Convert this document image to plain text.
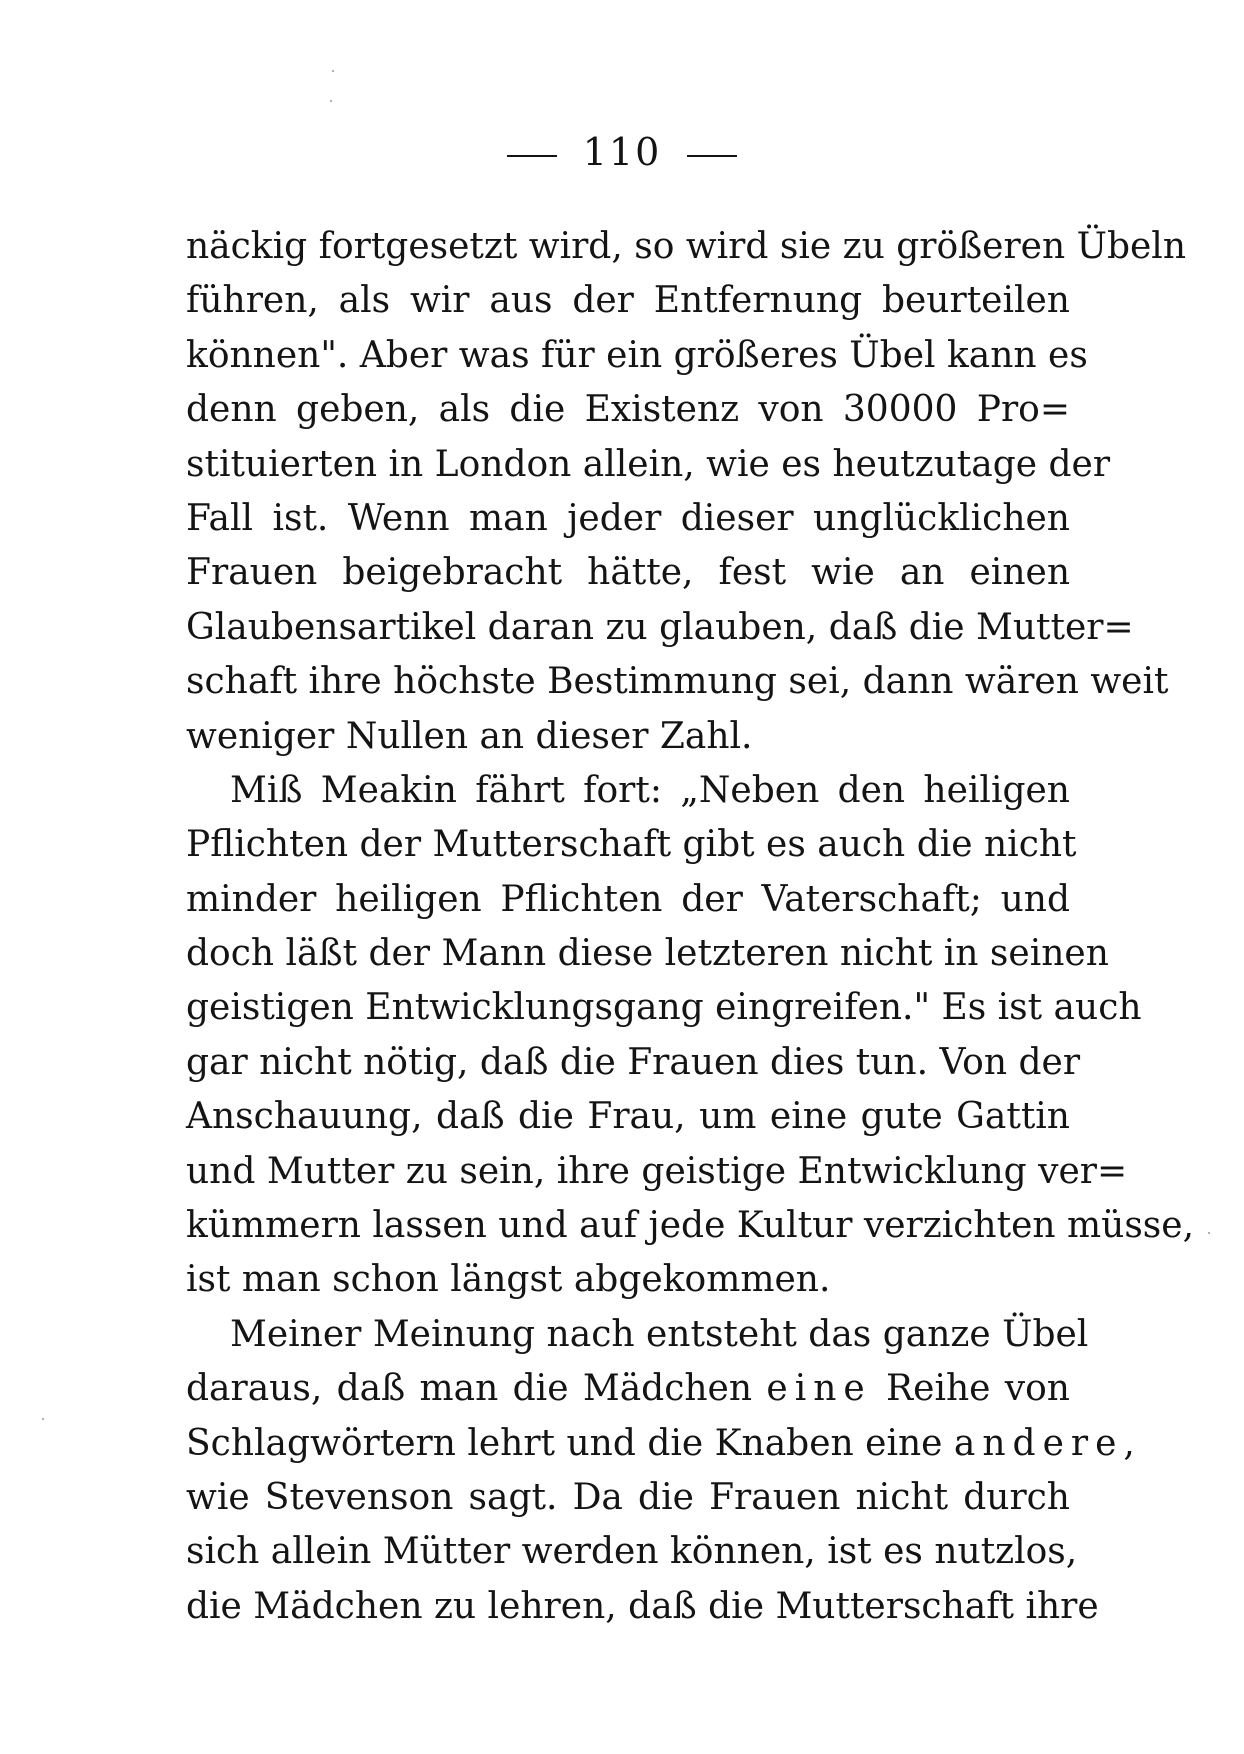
110
näckig fortgesetzt wird, so wird sie zu größeren Übeln
führen, als wir aus der Entfernung beurteilen
können". Aber was für ein größeres Übel kann es
denn geben, als die Existenz von 30000 Pro=
stituierten in London allein, wie es heutzutage der
Fall ist. Wenn man jeder dieser unglücklichen
Frauen beigebracht hätte, fest wie an einen
Glaubensartikel daran zu glauben, daß die Mutter=
schaft ihre höchste Bestimmung sei, dann wären weit
weniger Nullen an dieser Zahl.
Miß Meakin fährt fort: „Neben den heiligen
Pflichten der Mutterschaft gibt es auch die nicht
minder heiligen Pflichten der Vaterschaft; und
doch läßt der Mann diese letzteren nicht in seinen
geistigen Entwicklungsgang eingreifen." Es ist auch
gar nicht nötig, daß die Frauen dies tun. Von der
Anschauung, daß die Frau, um eine gute Gattin
und Mutter zu sein, ihre geistige Entwicklung ver=
kümmern lassen und auf jede Kultur verzichten müsse,
ist man schon längst abgekommen.
Meiner Meinung nach entsteht das ganze Übel
daraus, daß man die Mädchen eine Reihe von
Schlagwörtern lehrt und die Knaben eine andere,
wie Stevenson sagt. Da die Frauen nicht durch
sich allein Mütter werden können, ist es nutzlos,
die Mädchen zu lehren, daß die Mutterschaft ihre
